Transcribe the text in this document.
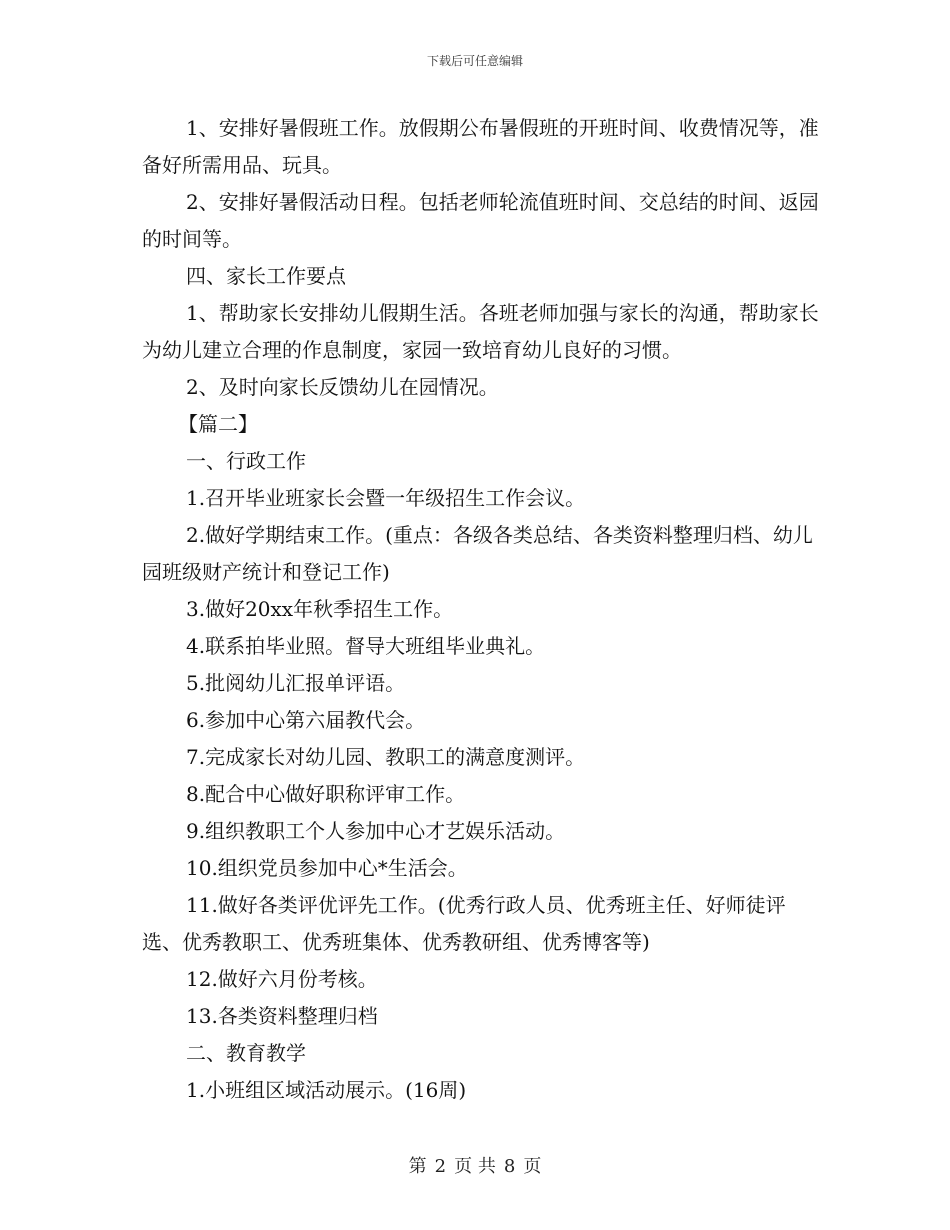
下载后可任意编辑

1、安排好暑假班工作。放假期公布暑假班的开班时间、收费情况等，准备好所需用品、玩具。

2、安排好暑假活动日程。包括老师轮流值班时间、交总结的时间、返园的时间等。

四、家长工作要点

1、帮助家长安排幼儿假期生活。各班老师加强与家长的沟通，帮助家长为幼儿建立合理的作息制度，家园一致培育幼儿良好的习惯。

2、及时向家长反馈幼儿在园情况。

【篇二】

一、行政工作

1.召开毕业班家长会暨一年级招生工作会议。

2.做好学期结束工作。(重点：各级各类总结、各类资料整理归档、幼儿园班级财产统计和登记工作)

3.做好20xx年秋季招生工作。

4.联系拍毕业照。督导大班组毕业典礼。

5.批阅幼儿汇报单评语。

6.参加中心第六届教代会。

7.完成家长对幼儿园、教职工的满意度测评。

8.配合中心做好职称评审工作。

9.组织教职工个人参加中心才艺娱乐活动。

10.组织党员参加中心*生活会。

11.做好各类评优评先工作。(优秀行政人员、优秀班主任、好师徒评选、优秀教职工、优秀班集体、优秀教研组、优秀博客等)

12.做好六月份考核。

13.各类资料整理归档

二、教育教学

1.小班组区域活动展示。(16周)

第 2 页 共 8 页
